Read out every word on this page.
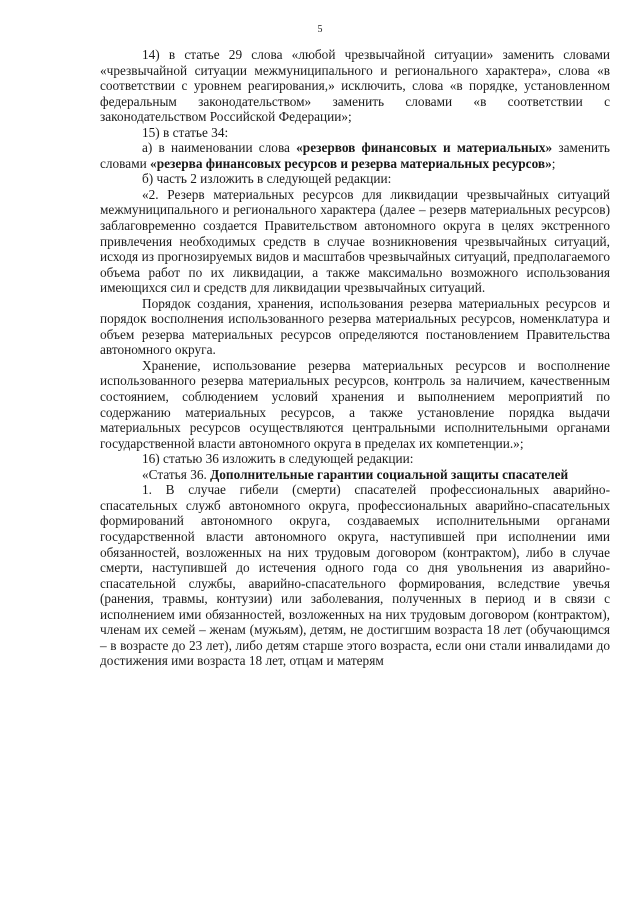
5

14) в статье 29 слова «любой чрезвычайной ситуации» заменить словами «чрезвычайной ситуации межмуниципального и регионального характера», слова «в соответствии с уровнем реагирования,» исключить, слова «в порядке, установленном федеральным законодательством» заменить словами «в соответствии с законодательством Российской Федерации»;

15) в статье 34:

а) в наименовании слова «резервов финансовых и материальных» заменить словами «резерва финансовых ресурсов и резерва материальных ресурсов»;

б) часть 2 изложить в следующей редакции:

«2. Резерв материальных ресурсов для ликвидации чрезвычайных ситуаций межмуниципального и регионального характера (далее – резерв материальных ресурсов) заблаговременно создается Правительством автономного округа в целях экстренного привлечения необходимых средств в случае возникновения чрезвычайных ситуаций, исходя из прогнозируемых видов и масштабов чрезвычайных ситуаций, предполагаемого объема работ по их ликвидации, а также максимально возможного использования имеющихся сил и средств для ликвидации чрезвычайных ситуаций.

Порядок создания, хранения, использования резерва материальных ресурсов и порядок восполнения использованного резерва материальных ресурсов, номенклатура и объем резерва материальных ресурсов определяются постановлением Правительства автономного округа.

Хранение, использование резерва материальных ресурсов и восполнение использованного резерва материальных ресурсов, контроль за наличием, качественным состоянием, соблюдением условий хранения и выполнением мероприятий по содержанию материальных ресурсов, а также установление порядка выдачи материальных ресурсов осуществляются центральными исполнительными органами государственной власти автономного округа в пределах их компетенции.»;

16) статью 36 изложить в следующей редакции:

«Статья 36. Дополнительные гарантии социальной защиты спасателей

1. В случае гибели (смерти) спасателей профессиональных аварийно-спасательных служб автономного округа, профессиональных аварийно-спасательных формирований автономного округа, создаваемых исполнительными органами государственной власти автономного округа, наступившей при исполнении ими обязанностей, возложенных на них трудовым договором (контрактом), либо в случае смерти, наступившей до истечения одного года со дня увольнения из аварийно-спасательной службы, аварийно-спасательного формирования, вследствие увечья (ранения, травмы, контузии) или заболевания, полученных в период и в связи с исполнением ими обязанностей, возложенных на них трудовым договором (контрактом), членам их семей – женам (мужьям), детям, не достигшим возраста 18 лет (обучающимся – в возрасте до 23 лет), либо детям старше этого возраста, если они стали инвалидами до достижения ими возраста 18 лет, отцам и матерям
